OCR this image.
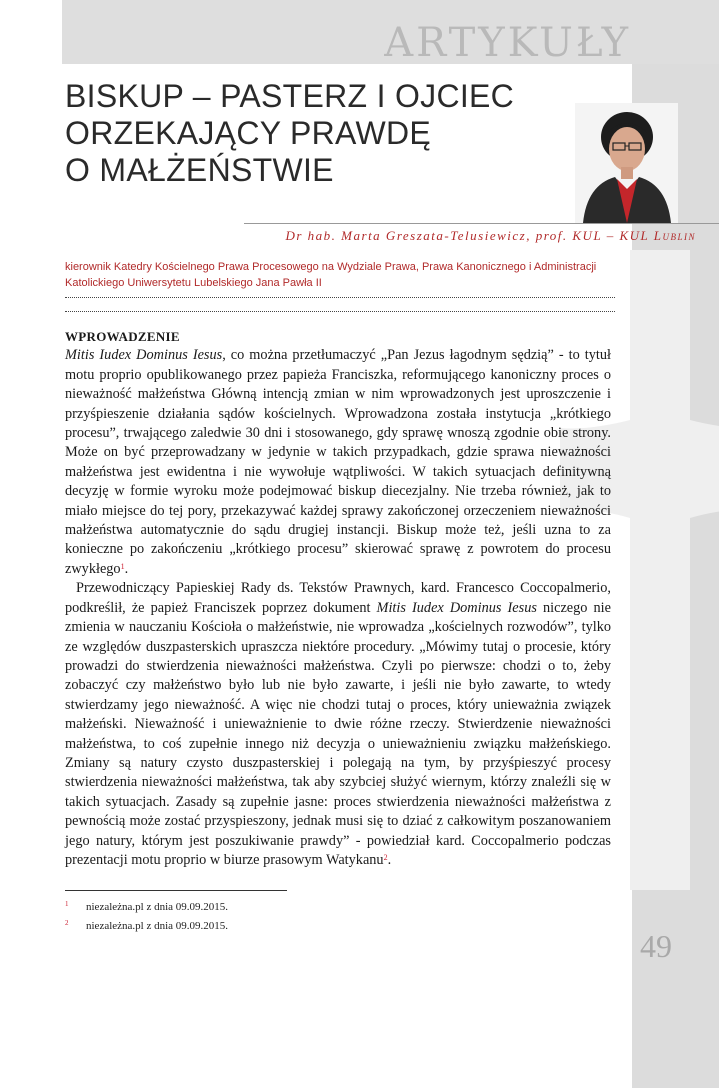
ARTYKUŁY
BISKUP – PASTERZ I OJCIEC
ORZEKAJĄCY PRAWDĘ
O MAŁŻEŃSTWIE
Dr hab. Marta Greszata-Telusiewicz, prof. KUL – KUL Lublin

kierownik Katedry Kościelnego Prawa Procesowego na Wydziale Prawa, Prawa Kanonicznego i Administracji Katolickiego Uniwersytetu Lubelskiego Jana Pawła II

WPROWADZENIE

Mitis Iudex Dominus Iesus, co można przetłumaczyć „Pan Jezus łagodnym sędzią” - to tytuł motu proprio opublikowanego przez papieża Franciszka, reformującego kanoniczny proces o nieważność małżeństwa Główną intencją zmian w nim wprowadzonych jest uproszczenie i przyśpieszenie działania sądów kościelnych. Wprowadzona została instytucja „krótkiego procesu”, trwającego zaledwie 30 dni i stosowanego, gdy sprawę wnoszą zgodnie obie strony. Może on być przeprowadzany w jedynie w takich przypadkach, gdzie sprawa nieważności małżeństwa jest ewidentna i nie wywołuje wątpliwości. W takich sytuacjach definitywną decyzję w formie wyroku może podejmować biskup diecezjalny. Nie trzeba również, jak to miało miejsce do tej pory, przekazywać każdej sprawy zakończonej orzeczeniem nieważności małżeństwa automatycznie do sądu drugiej instancji. Biskup może też, jeśli uzna to za konieczne po zakończeniu „krótkiego procesu” skierować sprawę z powrotem do procesu zwykłego$^1$.

Przewodniczący Papieskiej Rady ds. Tekstów Prawnych, kard. Francesco Coccopalmerio, podkreślił, że papież Franciszek poprzez dokument Mitis Iudex Dominus Iesus niczego nie zmienia w nauczaniu Kościoła o małżeństwie, nie wprowadza „kościelnych rozwodów”, tylko ze względów duszpasterskich upraszcza niektóre procedury. „Mówimy tutaj o procesie, który prowadzi do stwierdzenia nieważności małżeństwa. Czyli po pierwsze: chodzi o to, żeby zobaczyć czy małżeństwo było lub nie było zawarte, i jeśli nie było zawarte, to wtedy stwierdzamy jego nieważność. A więc nie chodzi tutaj o proces, który unieważnia związek małżeński. Nieważność i unieważnienie to dwie różne rzeczy. Stwierdzenie nieważności małżeństwa, to coś zupełnie innego niż decyzja o unieważnieniu związku małżeńskiego. Zmiany są natury czysto duszpasterskiej i polegają na tym, by przyśpieszyć procesy stwierdzenia nieważności małżeństwa, tak aby szybciej służyć wiernym, którzy znaleźli się w takich sytuacjach. Zasady są zupełnie jasne: proces stwierdzenia nieważności małżeństwa z pewnością może zostać przyspieszony, jednak musi się to dziać z całkowitym poszanowaniem jego natury, którym jest poszukiwanie prawdy” - powiedział kard. Coccopalmerio podczas prezentacji motu proprio w biurze prasowym Watykanu$^2$.

1 niezależna.pl z dnia 09.09.2015.
2 niezależna.pl z dnia 09.09.2015.
49
